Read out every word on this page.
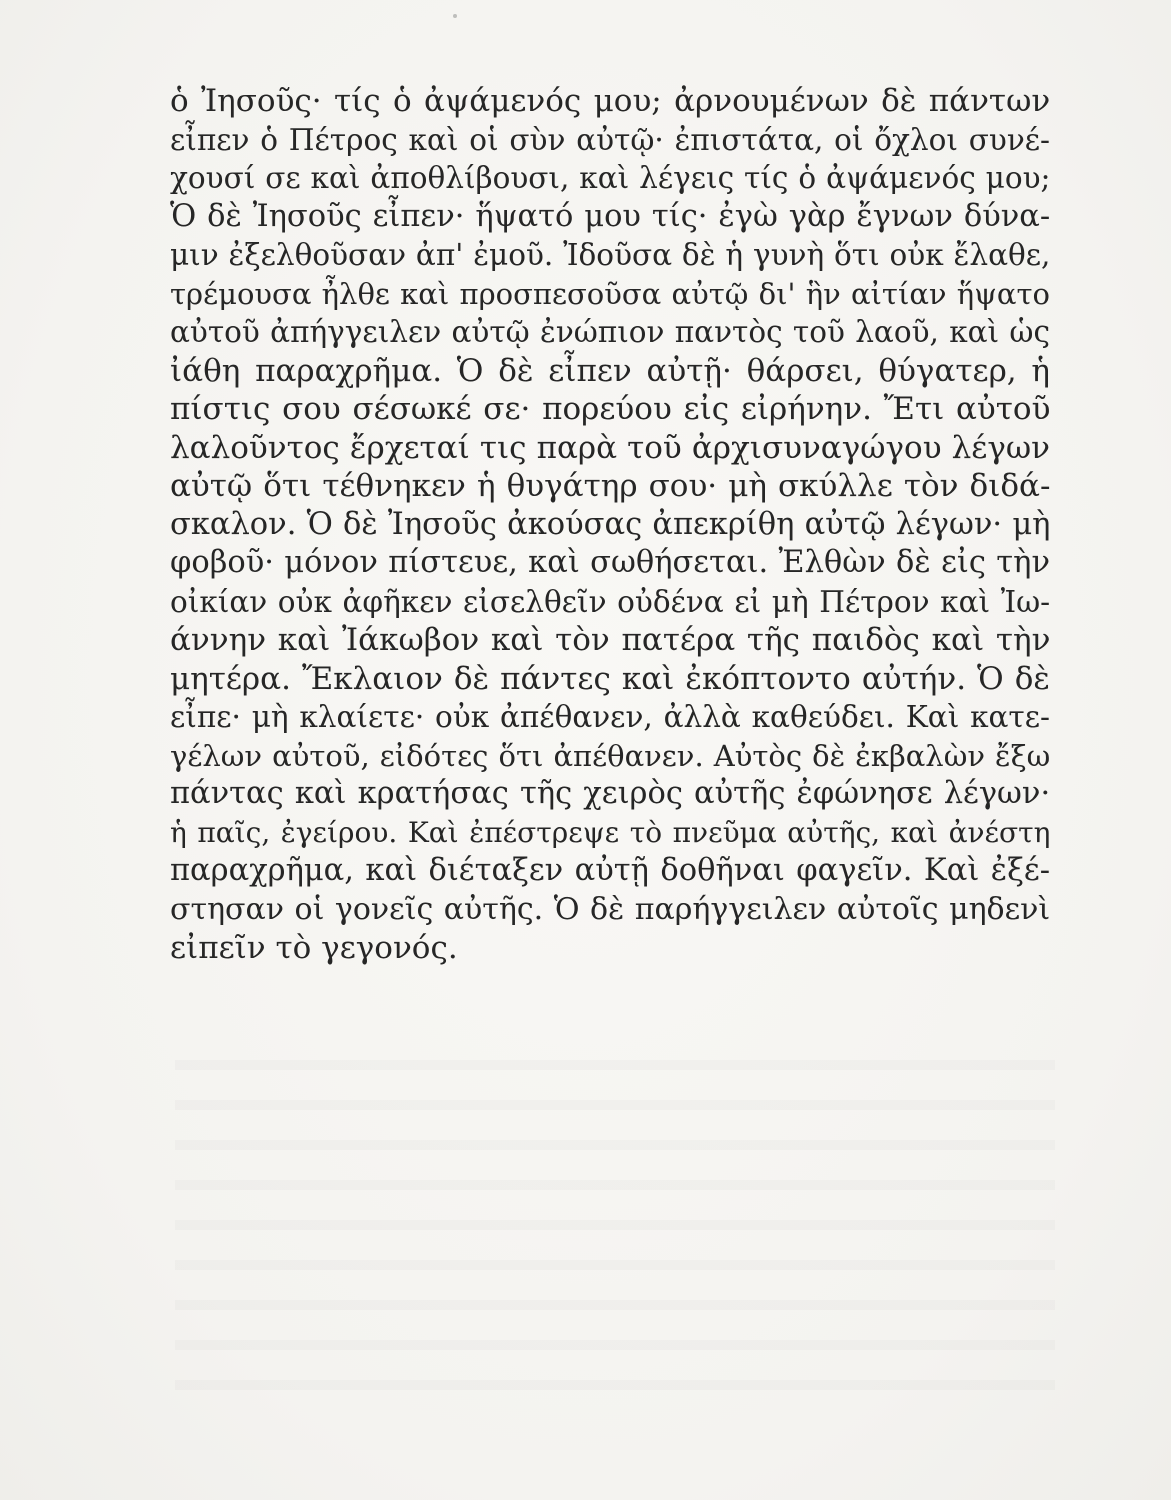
ὁ Ἰησοῦς· τίς ὁ ἀψάμενός μου; ἀρνουμένων δὲ πάντων
εἶπεν ὁ Πέτρος καὶ οἱ σὺν αὐτῷ· ἐπιστάτα, οἱ ὄχλοι συνέ-
χουσί σε καὶ ἀποθλίβουσι, καὶ λέγεις τίς ὁ ἀψάμενός μου;
Ὁ δὲ Ἰησοῦς εἶπεν· ἥψατό μου τίς· ἐγὼ γὰρ ἔγνων δύνα-
μιν ἐξελθοῦσαν ἀπ' ἐμοῦ. Ἰδοῦσα δὲ ἡ γυνὴ ὅτι οὐκ ἔλαθε,
τρέμουσα ἦλθε καὶ προσπεσοῦσα αὐτῷ δι' ἣν αἰτίαν ἥψατο
αὐτοῦ ἀπήγγειλεν αὐτῷ ἐνώπιον παντὸς τοῦ λαοῦ, καὶ ὡς
ἰάθη παραχρῆμα. Ὁ δὲ εἶπεν αὐτῇ· θάρσει, θύγατερ, ἡ
πίστις σου σέσωκέ σε· πορεύου εἰς εἰρήνην. Ἔτι αὐτοῦ
λαλοῦντος ἔρχεταί τις παρὰ τοῦ ἀρχισυναγώγου λέγων
αὐτῷ ὅτι τέθνηκεν ἡ θυγάτηρ σου· μὴ σκύλλε τὸν διδά-
σκαλον. Ὁ δὲ Ἰησοῦς ἀκούσας ἀπεκρίθη αὐτῷ λέγων· μὴ
φοβοῦ· μόνον πίστευε, καὶ σωθήσεται. Ἐλθὼν δὲ εἰς τὴν
οἰκίαν οὐκ ἀφῆκεν εἰσελθεῖν οὐδένα εἰ μὴ Πέτρον καὶ Ἰω-
άννην καὶ Ἰάκωβον καὶ τὸν πατέρα τῆς παιδὸς καὶ τὴν
μητέρα. Ἔκλαιον δὲ πάντες καὶ ἐκόπτοντο αὐτήν. Ὁ δὲ
εἶπε· μὴ κλαίετε· οὐκ ἀπέθανεν, ἀλλὰ καθεύδει. Καὶ κατε-
γέλων αὐτοῦ, εἰδότες ὅτι ἀπέθανεν. Αὐτὸς δὲ ἐκβαλὼν ἔξω
πάντας καὶ κρατήσας τῆς χειρὸς αὐτῆς ἐφώνησε λέγων·
ἡ παῖς, ἐγείρου. Καὶ ἐπέστρεψε τὸ πνεῦμα αὐτῆς, καὶ ἀνέστη
παραχρῆμα, καὶ διέταξεν αὐτῇ δοθῆναι φαγεῖν. Καὶ ἐξέ-
στησαν οἱ γονεῖς αὐτῆς. Ὁ δὲ παρήγγειλεν αὐτοῖς μηδενὶ
εἰπεῖν τὸ γεγονός.
